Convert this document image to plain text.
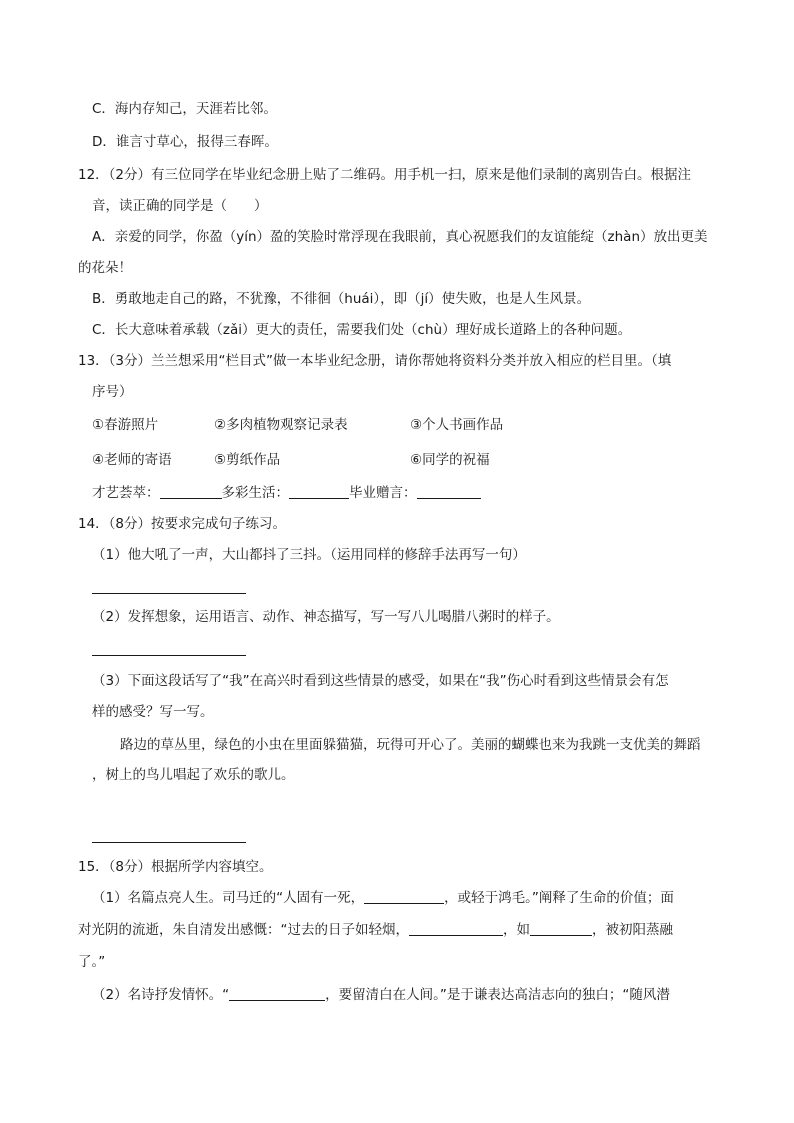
C．海内存知己，天涯若比邻。
D．谁言寸草心，报得三春晖。
12．（2分）有三位同学在毕业纪念册上贴了二维码。用手机一扫，原来是他们录制的离别告白。根据注
音，读正确的同学是（　　）
A．亲爱的同学，你盈（yín）盈的笑脸时常浮现在我眼前，真心祝愿我们的友谊能绽（zhàn）放出更美
的花朵！
B．勇敢地走自己的路，不犹豫，不徘徊（huái），即（jí）使失败，也是人生风景。
C．长大意味着承载（zǎi）更大的责任，需要我们处（chù）理好成长道路上的各种问题。
13．（3分）兰兰想采用“栏目式”做一本毕业纪念册，请你帮她将资料分类并放入相应的栏目里。（填
序号）
①春游照片	②多肉植物观察记录表	③个人书画作品
④老师的寄语	⑤剪纸作品	⑥同学的祝福
才艺荟萃：	多彩生活：	毕业赠言：
14．（8分）按要求完成句子练习。
（1）他大吼了一声，大山都抖了三抖。（运用同样的修辞手法再写一句）
（2）发挥想象，运用语言、动作、神态描写，写一写八儿喝腊八粥时的样子。
（3）下面这段话写了“我”在高兴时看到这些情景的感受，如果在“我”伤心时看到这些情景会有怎
样的感受？写一写。
路边的草丛里，绿色的小虫在里面躲猫猫，玩得可开心了。美丽的蝴蝶也来为我跳一支优美的舞蹈
，树上的鸟儿唱起了欢乐的歌儿。
15．（8分）根据所学内容填空。
（1）名篇点亮人生。司马迁的“人固有一死，	，或轻于鸿毛。”阐释了生命的价值；面
对光阴的流逝，朱自清发出感慨：“过去的日子如轻烟，	，如	，被初阳蒸融
了。”
（2）名诗抒发情怀。“	，要留清白在人间。”是于谦表达高洁志向的独白；“随风潜
